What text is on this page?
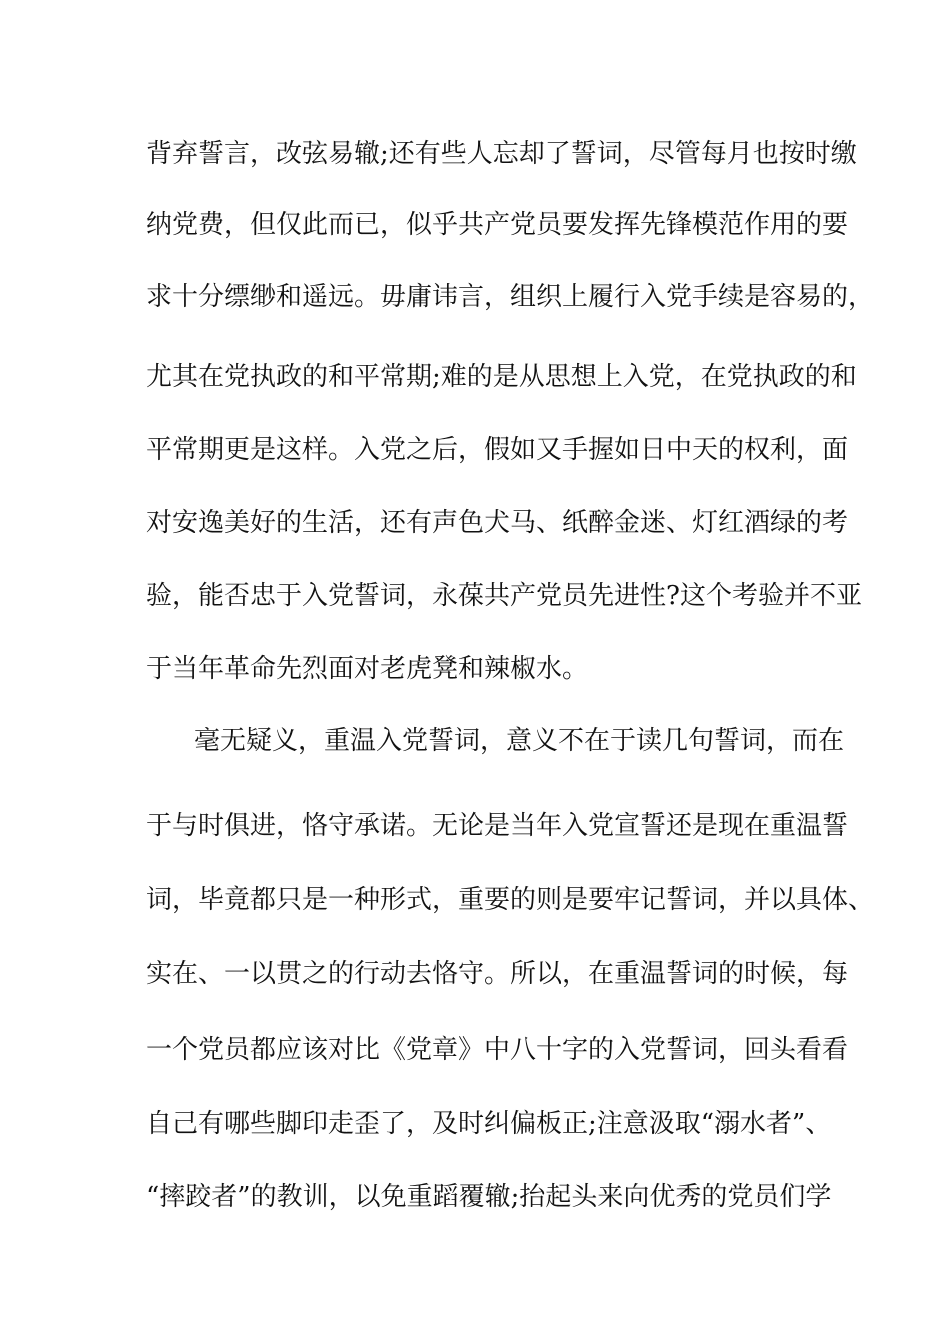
背弃誓言，改弦易辙;还有些人忘却了誓词，尽管每月也按时缴
纳党费，但仅此而已，似乎共产党员要发挥先锋模范作用的要
求十分缥缈和遥远。毋庸讳言，组织上履行入党手续是容易的，
尤其在党执政的和平常期;难的是从思想上入党，在党执政的和
平常期更是这样。入党之后，假如又手握如日中天的权利，面
对安逸美好的生活，还有声色犬马、纸醉金迷、灯红酒绿的考
验，能否忠于入党誓词，永葆共产党员先进性?这个考验并不亚
于当年革命先烈面对老虎凳和辣椒水。
毫无疑义，重温入党誓词，意义不在于读几句誓词，而在
于与时俱进，恪守承诺。无论是当年入党宣誓还是现在重温誓
词，毕竟都只是一种形式，重要的则是要牢记誓词，并以具体、
实在、一以贯之的行动去恪守。所以，在重温誓词的时候，每
一个党员都应该对比《党章》中八十字的入党誓词，回头看看
自己有哪些脚印走歪了，及时纠偏板正;注意汲取“溺水者”、
“摔跤者”的教训，以免重蹈覆辙;抬起头来向优秀的党员们学
